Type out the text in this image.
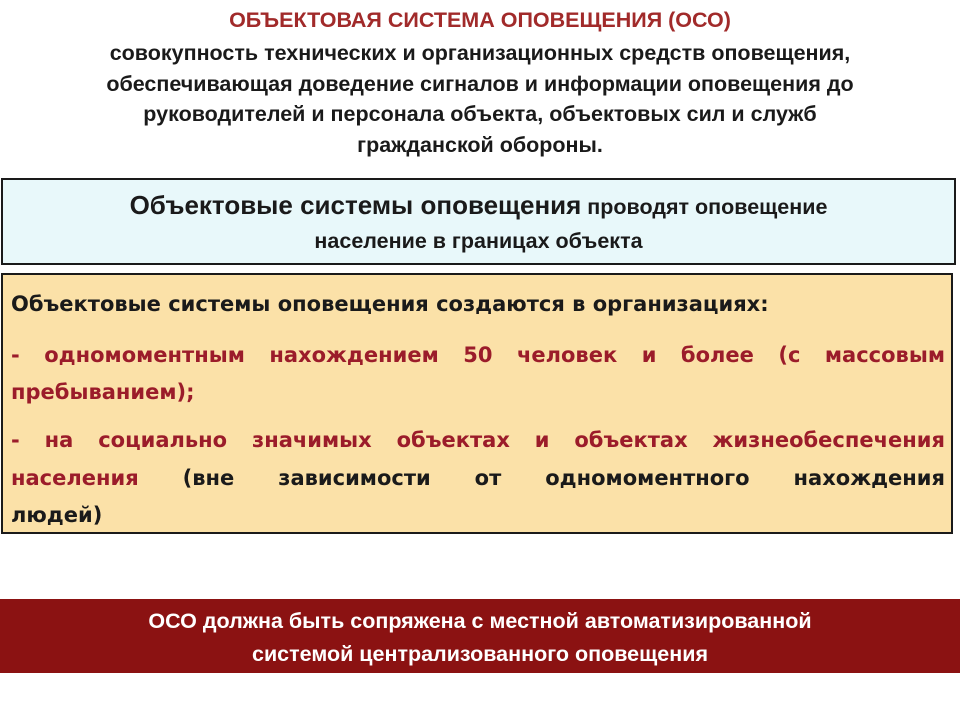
ОБЪЕКТОВАЯ СИСТЕМА ОПОВЕЩЕНИЯ (ОСО)
совокупность технических и организационных средств оповещения,
обеспечивающая доведение сигналов и информации оповещения до
руководителей и персонала объекта, объектовых сил и служб
гражданской обороны.
Объектовые системы оповещения проводят оповещение
население в границах объекта
Объектовые системы оповещения создаются в организациях:
- одномоментным нахождением 50 человек и более (с массовым
пребыванием);
- на социально значимых объектах и объектах жизнеобеспечения
населения (вне зависимости от одномоментного нахождения
людей)
ОСО должна быть сопряжена с местной автоматизированной
системой централизованного оповещения
